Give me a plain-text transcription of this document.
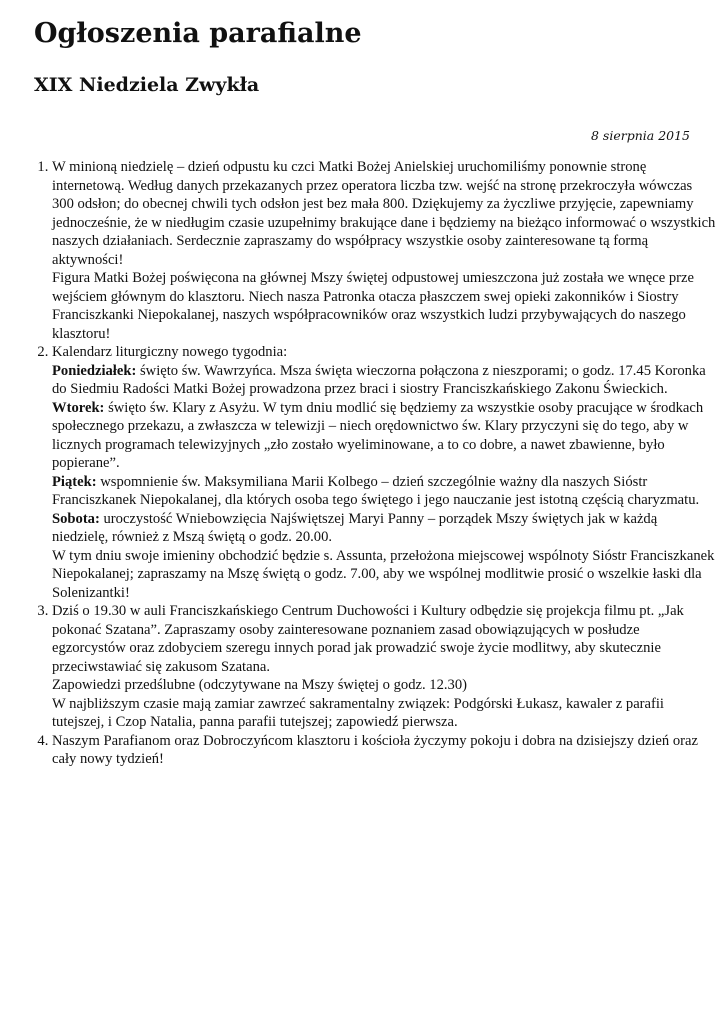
Ogłoszenia parafialne
XIX Niedziela Zwykła

8 sierpnia 2015

1. W minioną niedzielę – dzień odpustu ku czci Matki Bożej Anielskiej uruchomiliśmy ponownie stronę internetową. Według danych przekazanych przez operatora liczba tzw. wejść na stronę przekroczyła wówczas 300 odsłon; do obecnej chwili tych odsłon jest bez mała 800. Dziękujemy za życzliwe przyjęcie, zapewniamy jednocześnie, że w niedługim czasie uzupełnimy brakujące dane i będziemy na bieżąco informować o wszystkich naszych działaniach. Serdecznie zapraszamy do współpracy wszystkie osoby zainteresowane tą formą aktywności!

Figura Matki Bożej poświęcona na głównej Mszy świętej odpustowej umieszczona już została we wnęce prze wejściem głównym do klasztoru. Niech nasza Patronka otacza płaszczem swej opieki zakonników i Siostry Franciszkanki Niepokalanej, naszych współpracowników oraz wszystkich ludzi przybywających do naszego klasztoru!

2. Kalendarz liturgiczny nowego tygodnia:

Poniedziałek: święto św. Wawrzyńca. Msza święta wieczorna połączona z nieszporami; o godz. 17.45 Koronka do Siedmiu Radości Matki Bożej prowadzona przez braci i siostry Franciszkańskiego Zakonu Świeckich.

Wtorek: święto św. Klary z Asyżu. W tym dniu modlić się będziemy za wszystkie osoby pracujące w środkach społecznego przekazu, a zwłaszcza w telewizji – niech orędownictwo św. Klary przyczyni się do tego, aby w licznych programach telewizyjnych „zło zostało wyeliminowane, a to co dobre, a nawet zbawienne, było popierane”.

Piątek: wspomnienie św. Maksymiliana Marii Kolbego – dzień szczególnie ważny dla naszych Sióstr Franciszkanek Niepokalanej, dla których osoba tego świętego i jego nauczanie jest istotną częścią charyzmatu.

Sobota: uroczystość Wniebowzięcia Najświętszej Maryi Panny – porządek Mszy świętych jak w każdą niedzielę, również z Mszą świętą o godz. 20.00.

W tym dniu swoje imieniny obchodzić będzie s. Assunta, przełożona miejscowej wspólnoty Sióstr Franciszkanek Niepokalanej; zapraszamy na Mszę świętą o godz. 7.00, aby we wspólnej modlitwie prosić o wszelkie łaski dla Solenizantki!

3. Dziś o 19.30 w auli Franciszkańskiego Centrum Duchowości i Kultury odbędzie się projekcja filmu pt. „Jak pokonać Szatana”. Zapraszamy osoby zainteresowane poznaniem zasad obowiązujących w posłudze egzorcystów oraz zdobyciem szeregu innych porad jak prowadzić swoje życie modlitwy, aby skutecznie przeciwstawiać się zakusom Szatana.

Zapowiedzi przedślubne (odczytywane na Mszy świętej o godz. 12.30)

W najbliższym czasie mają zamiar zawrzeć sakramentalny związek: Podgórski Łukasz, kawaler z parafii tutejszej, i Czop Natalia, panna parafii tutejszej; zapowiedź pierwsza.

4. Naszym Parafianom oraz Dobroczyńcom klasztoru i kościoła życzymy pokoju i dobra na dzisiejszy dzień oraz cały nowy tydzień!
